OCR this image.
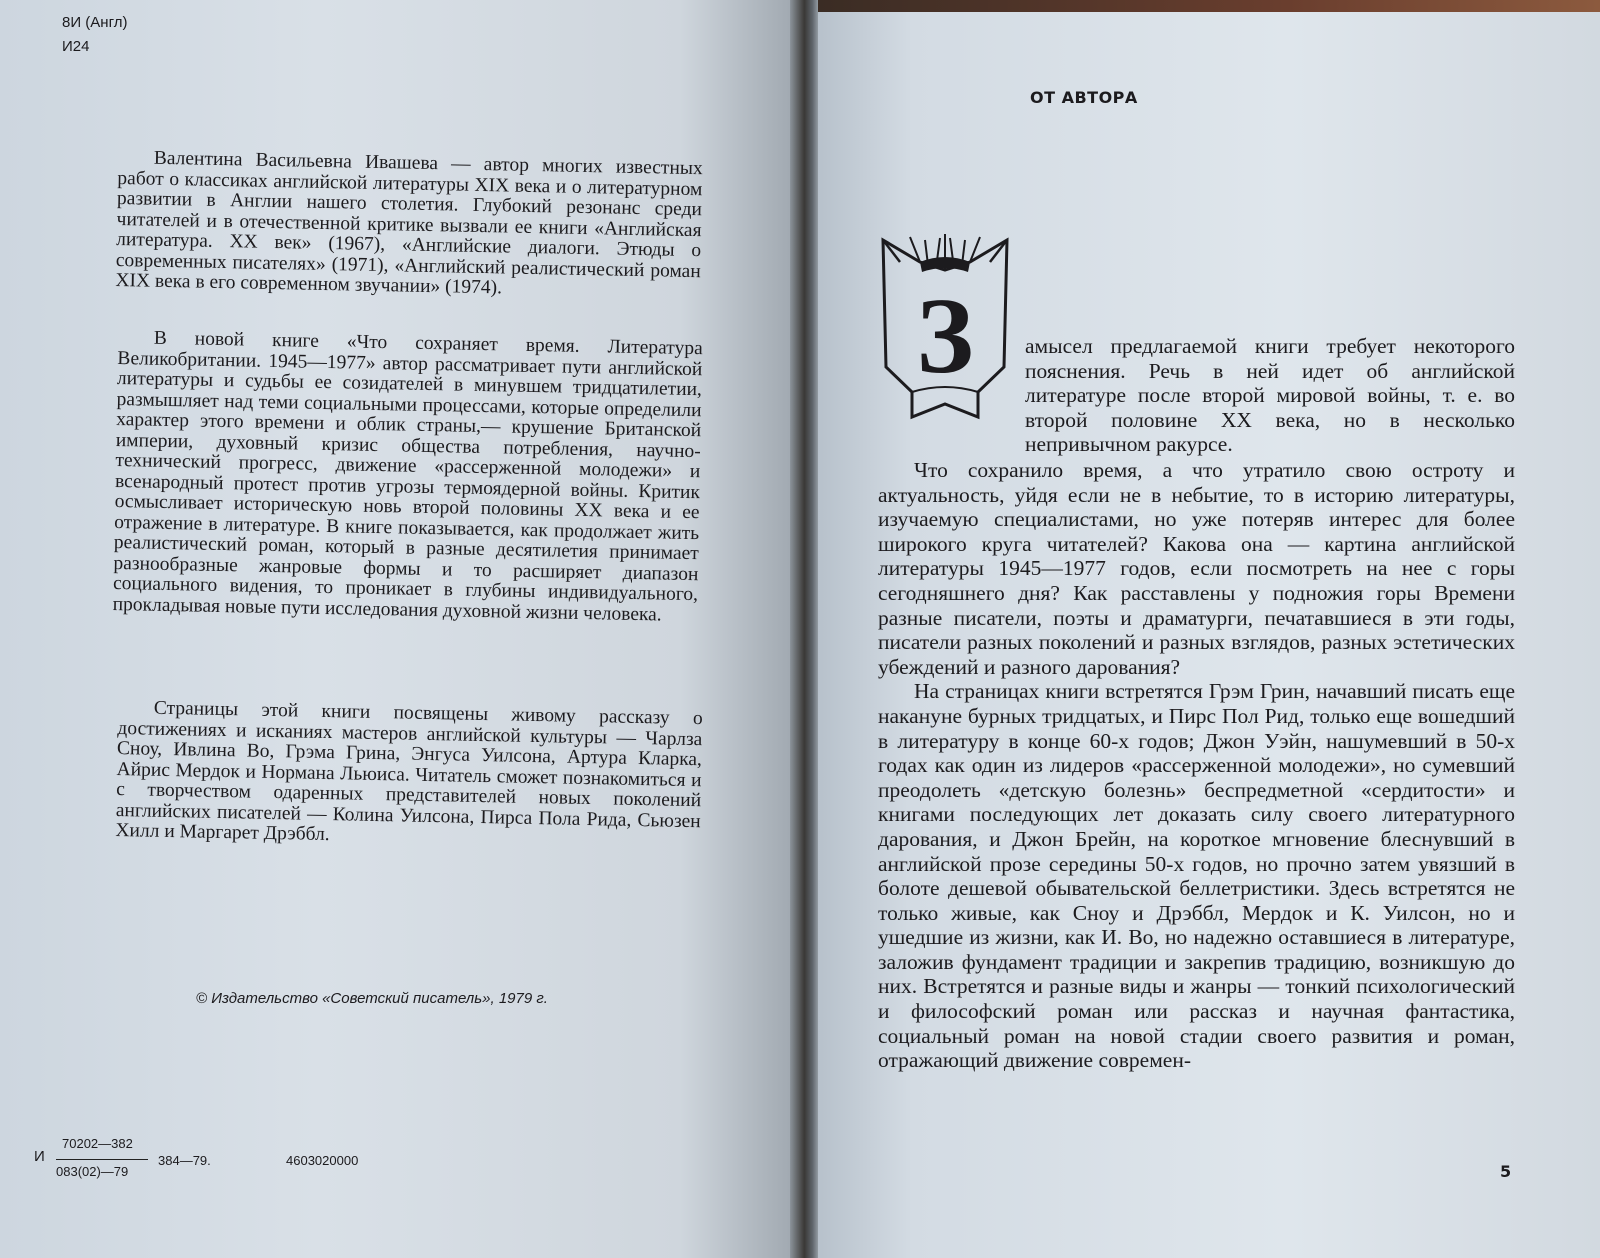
8И (Англ)
И24

Валентина Васильевна Ивашева — автор многих известных работ о классиках английской литературы XIX века и о литературном развитии в Англии нашего столетия. Глубокий резонанс среди читателей и в отечественной критике вызвали ее книги «Английская литература. XX век» (1967), «Английские диалоги. Этюды о современных писателях» (1971), «Английский реалистический роман XIX века в его современном звучании» (1974).

В новой книге «Что сохраняет время. Литература Великобритании. 1945—1977» автор рассматривает пути английской литературы и судьбы ее созидателей в минувшем тридцатилетии, размышляет над теми социальными процессами, которые определили характер этого времени и облик страны,— крушение Британской империи, духовный кризис общества потребления, научно-технический прогресс, движение «рассерженной молодежи» и всенародный протест против угрозы термоядерной войны. Критик осмысливает историческую новь второй половины XX века и ее отражение в литературе. В книге показывается, как продолжает жить реалистический роман, который в разные десятилетия принимает разнообразные жанровые формы и то расширяет диапазон социального видения, то проникает в глубины индивидуального, прокладывая новые пути исследования духовной жизни человека.

Страницы этой книги посвящены живому рассказу о достижениях и исканиях мастеров английской культуры — Чарлза Сноу, Ивлина Во, Грэма Грина, Энгуса Уилсона, Артура Кларка, Айрис Мердок и Нормана Льюиса. Читатель сможет познакомиться и с творчеством одаренных представителей новых поколений английских писателей — Колина Уилсона, Пирса Пола Рида, Сьюзен Хилл и Маргарет Дрэббл.

© Издательство «Советский писатель», 1979 г.
И
70202—382
083(02)—79
384—79.	4603020000
ОТ АВТОРА
З амысел предлагаемой книги требует некоторого пояснения. Речь в ней идет об английской литературе после второй мировой войны, т. е. во второй половине XX века, но в несколько непривычном ракурсе.

Что сохранило время, а что утратило свою остроту и актуальность, уйдя если не в небытие, то в историю литературы, изучаемую специалистами, но уже потеряв интерес для более широкого круга читателей? Какова она — картина английской литературы 1945—1977 годов, если посмотреть на нее с горы сегодняшнего дня? Как расставлены у подножия горы Времени разные писатели, поэты и драматурги, печатавшиеся в эти годы, писатели разных поколений и разных взглядов, разных эстетических убеждений и разного дарования?

На страницах книги встретятся Грэм Грин, начавший писать еще накануне бурных тридцатых, и Пирс Пол Рид, только еще вошедший в литературу в конце 60-х годов; Джон Уэйн, нашумевший в 50-х годах как один из лидеров «рассерженной молодежи», но сумевший преодолеть «детскую болезнь» беспредметной «сердитости» и книгами последующих лет доказать силу своего литературного дарования, и Джон Брейн, на короткое мгновение блеснувший в английской прозе середины 50-х годов, но прочно затем увязший в болоте дешевой обывательской беллетристики. Здесь встретятся не только живые, как Сноу и Дрэббл, Мердок и К. Уилсон, но и ушедшие из жизни, как И. Во, но надежно оставшиеся в литературе, заложив фундамент традиции и закрепив традицию, возникшую до них. Встретятся и разные виды и жанры — тонкий психологический и философский роман или рассказ и научная фантастика, социальный роман на новой стадии своего развития и роман, отражающий движение современ-

5
